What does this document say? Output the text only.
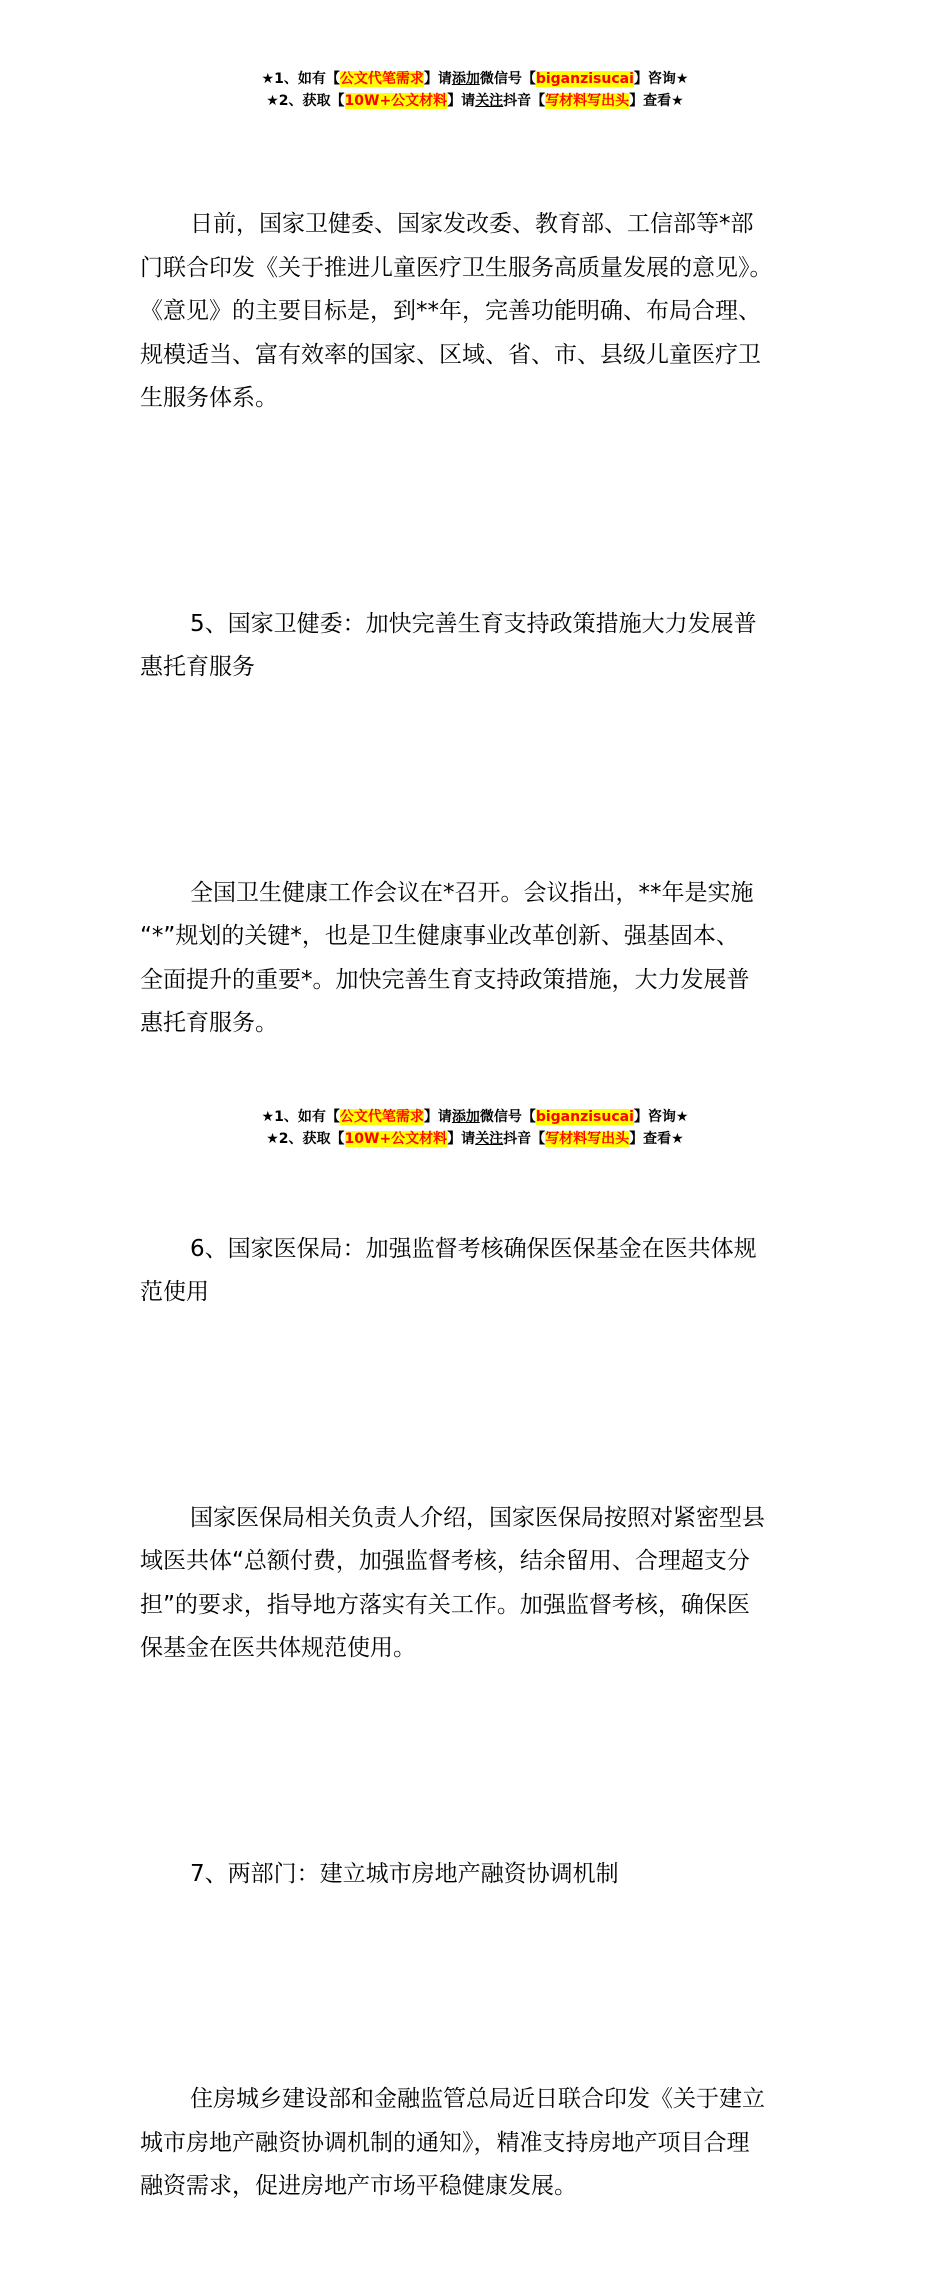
★1、如有【公文代笔需求】请添加微信号【biganzisucai】咨询★
★2、获取【10W+公文材料】请关注抖音【写材料写出头】查看★

日前，国家卫健委、国家发改委、教育部、工信部等*部
门联合印发《关于推进儿童医疗卫生服务高质量发展的意见》。
《意见》的主要目标是，到**年，完善功能明确、布局合理、
规模适当、富有效率的国家、区域、省、市、县级儿童医疗卫
生服务体系。

5、国家卫健委：加快完善生育支持政策措施大力发展普
惠托育服务

全国卫生健康工作会议在*召开。会议指出，**年是实施
“*”规划的关键*，也是卫生健康事业改革创新、强基固本、
全面提升的重要*。加快完善生育支持政策措施，大力发展普
惠托育服务。

6、国家医保局：加强监督考核确保医保基金在医共体规
范使用

国家医保局相关负责人介绍，国家医保局按照对紧密型县
域医共体“总额付费，加强监督考核，结余留用、合理超支分
担”的要求，指导地方落实有关工作。加强监督考核，确保医
保基金在医共体规范使用。

7、两部门：建立城市房地产融资协调机制

住房城乡建设部和金融监管总局近日联合印发《关于建立
城市房地产融资协调机制的通知》，精准支持房地产项目合理
融资需求，促进房地产市场平稳健康发展。

★1、如有【公文代笔需求】请添加微信号【biganzisucai】咨询★
★2、获取【10W+公文材料】请关注抖音【写材料写出头】查看★
